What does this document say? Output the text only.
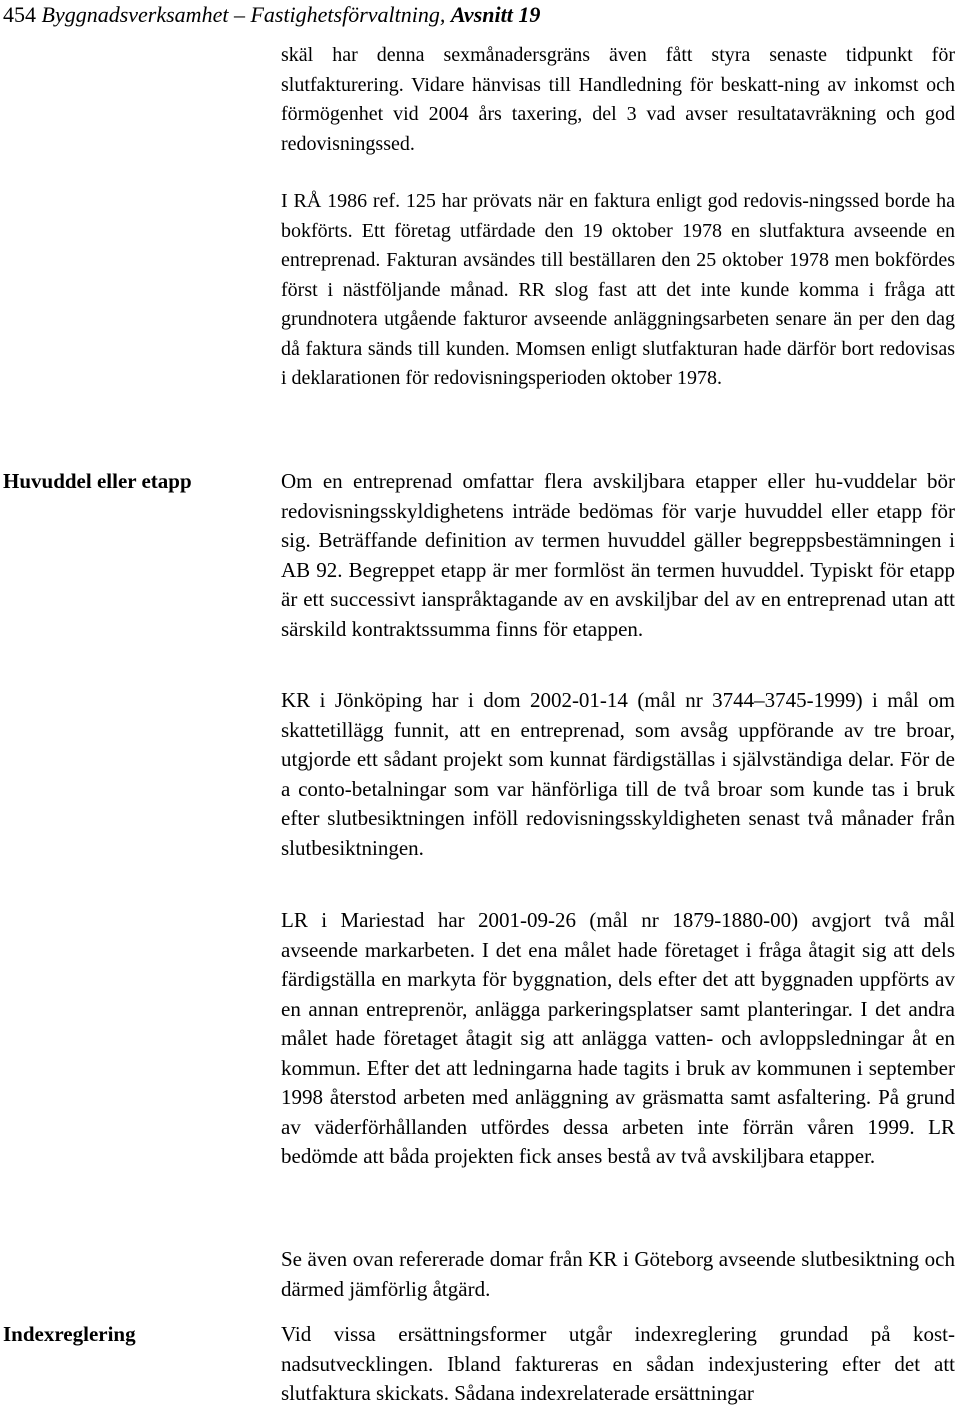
454 Byggnadsverksamhet – Fastighetsförvaltning, Avsnitt 19
skäl har denna sexmånadersgräns även fått styra senaste tidpunkt för slutfakturering. Vidare hänvisas till Handledning för beskatt-ning av inkomst och förmögenhet vid 2004 års taxering, del 3 vad avser resultatavräkning och god redovisningssed.
I RÅ 1986 ref. 125 har prövats när en faktura enligt god redovis-ningssed borde ha bokförts. Ett företag utfärdade den 19 oktober 1978 en slutfaktura avseende en entreprenad. Fakturan avsändes till beställaren den 25 oktober 1978 men bokfördes först i nästföljande månad. RR slog fast att det inte kunde komma i fråga att grundnotera utgående fakturor avseende anläggningsarbeten senare än per den dag då faktura sänds till kunden. Momsen enligt slutfakturan hade därför bort redovisas i deklarationen för redovisningsperioden oktober 1978.
Huvuddel eller etapp	Om en entreprenad omfattar flera avskiljbara etapper eller hu-vuddelar bör redovisningsskyldighetens inträde bedömas för varje huvuddel eller etapp för sig. Beträffande definition av termen huvuddel gäller begreppsbestämningen i AB 92. Begreppet etapp är mer formlöst än termen huvuddel. Typiskt för etapp är ett successivt ianspråktagande av en avskiljbar del av en entreprenad utan att särskild kontraktssumma finns för etappen.
KR i Jönköping har i dom 2002-01-14 (mål nr 3744–3745-1999) i mål om skattetillägg funnit, att en entreprenad, som avsåg uppförande av tre broar, utgjorde ett sådant projekt som kunnat färdigställas i självständiga delar. För de a conto-betalningar som var hänförliga till de två broar som kunde tas i bruk efter slutbesiktningen inföll redovisningsskyldigheten senast två månader från slutbesiktningen.
LR i Mariestad har 2001-09-26 (mål nr 1879-1880-00) avgjort två mål avseende markarbeten. I det ena målet hade företaget i fråga åtagit sig att dels färdigställa en markyta för byggnation, dels efter det att byggnaden uppförts av en annan entreprenör, anlägga parkeringsplatser samt planteringar. I det andra målet hade företaget åtagit sig att anlägga vatten- och avloppsledningar åt en kommun. Efter det att ledningarna hade tagits i bruk av kommunen i september 1998 återstod arbeten med anläggning av gräsmatta samt asfaltering. På grund av väderförhållanden utfördes dessa arbeten inte förrän våren 1999. LR bedömde att båda projekten fick anses bestå av två avskiljbara etapper.
Se även ovan refererade domar från KR i Göteborg avseende slutbesiktning och därmed jämförlig åtgärd.
Indexreglering	Vid vissa ersättningsformer utgår indexreglering grundad på kost-nadsutvecklingen. Ibland faktureras en sådan indexjustering efter det att slutfaktura skickats. Sådana indexrelaterade ersättningar
